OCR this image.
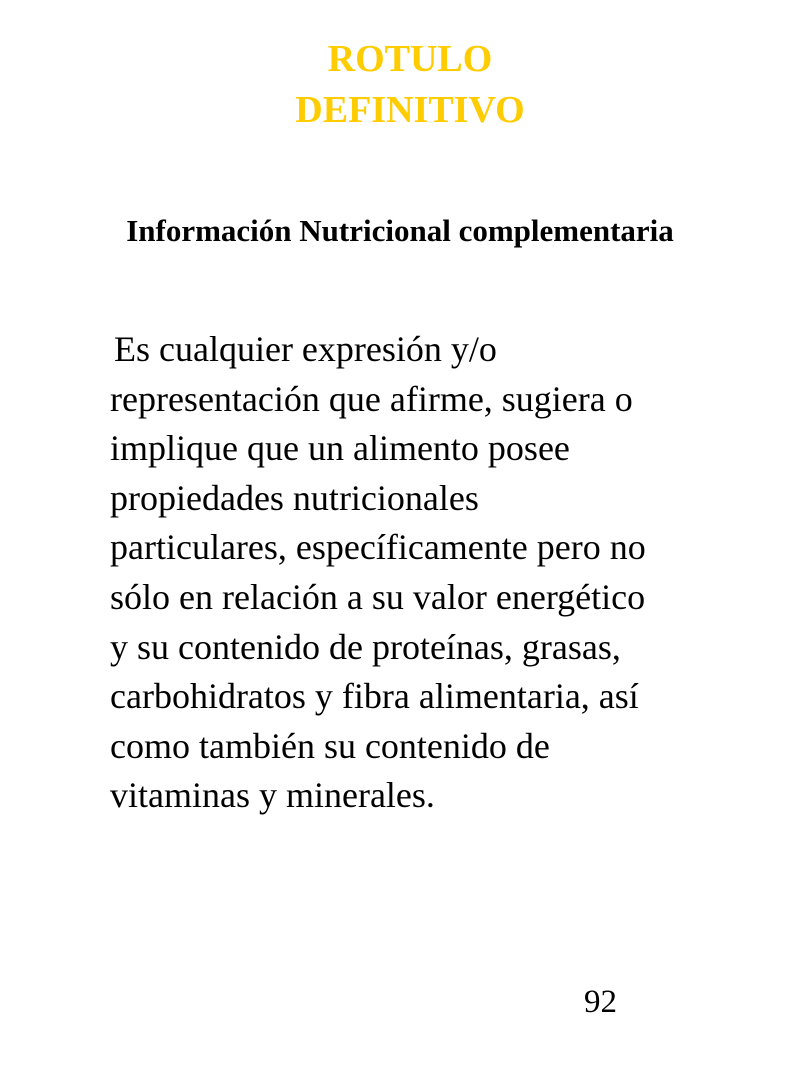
ROTULO
DEFINITIVO
Información Nutricional complementaria
Es cualquier expresión y/o
representación que afirme, sugiera o
implique que un alimento posee
propiedades nutricionales
particulares, específicamente pero no
sólo en relación a su valor energético
y su contenido de proteínas, grasas,
carbohidratos y fibra alimentaria, así
como también su contenido de
vitaminas y minerales.
92
